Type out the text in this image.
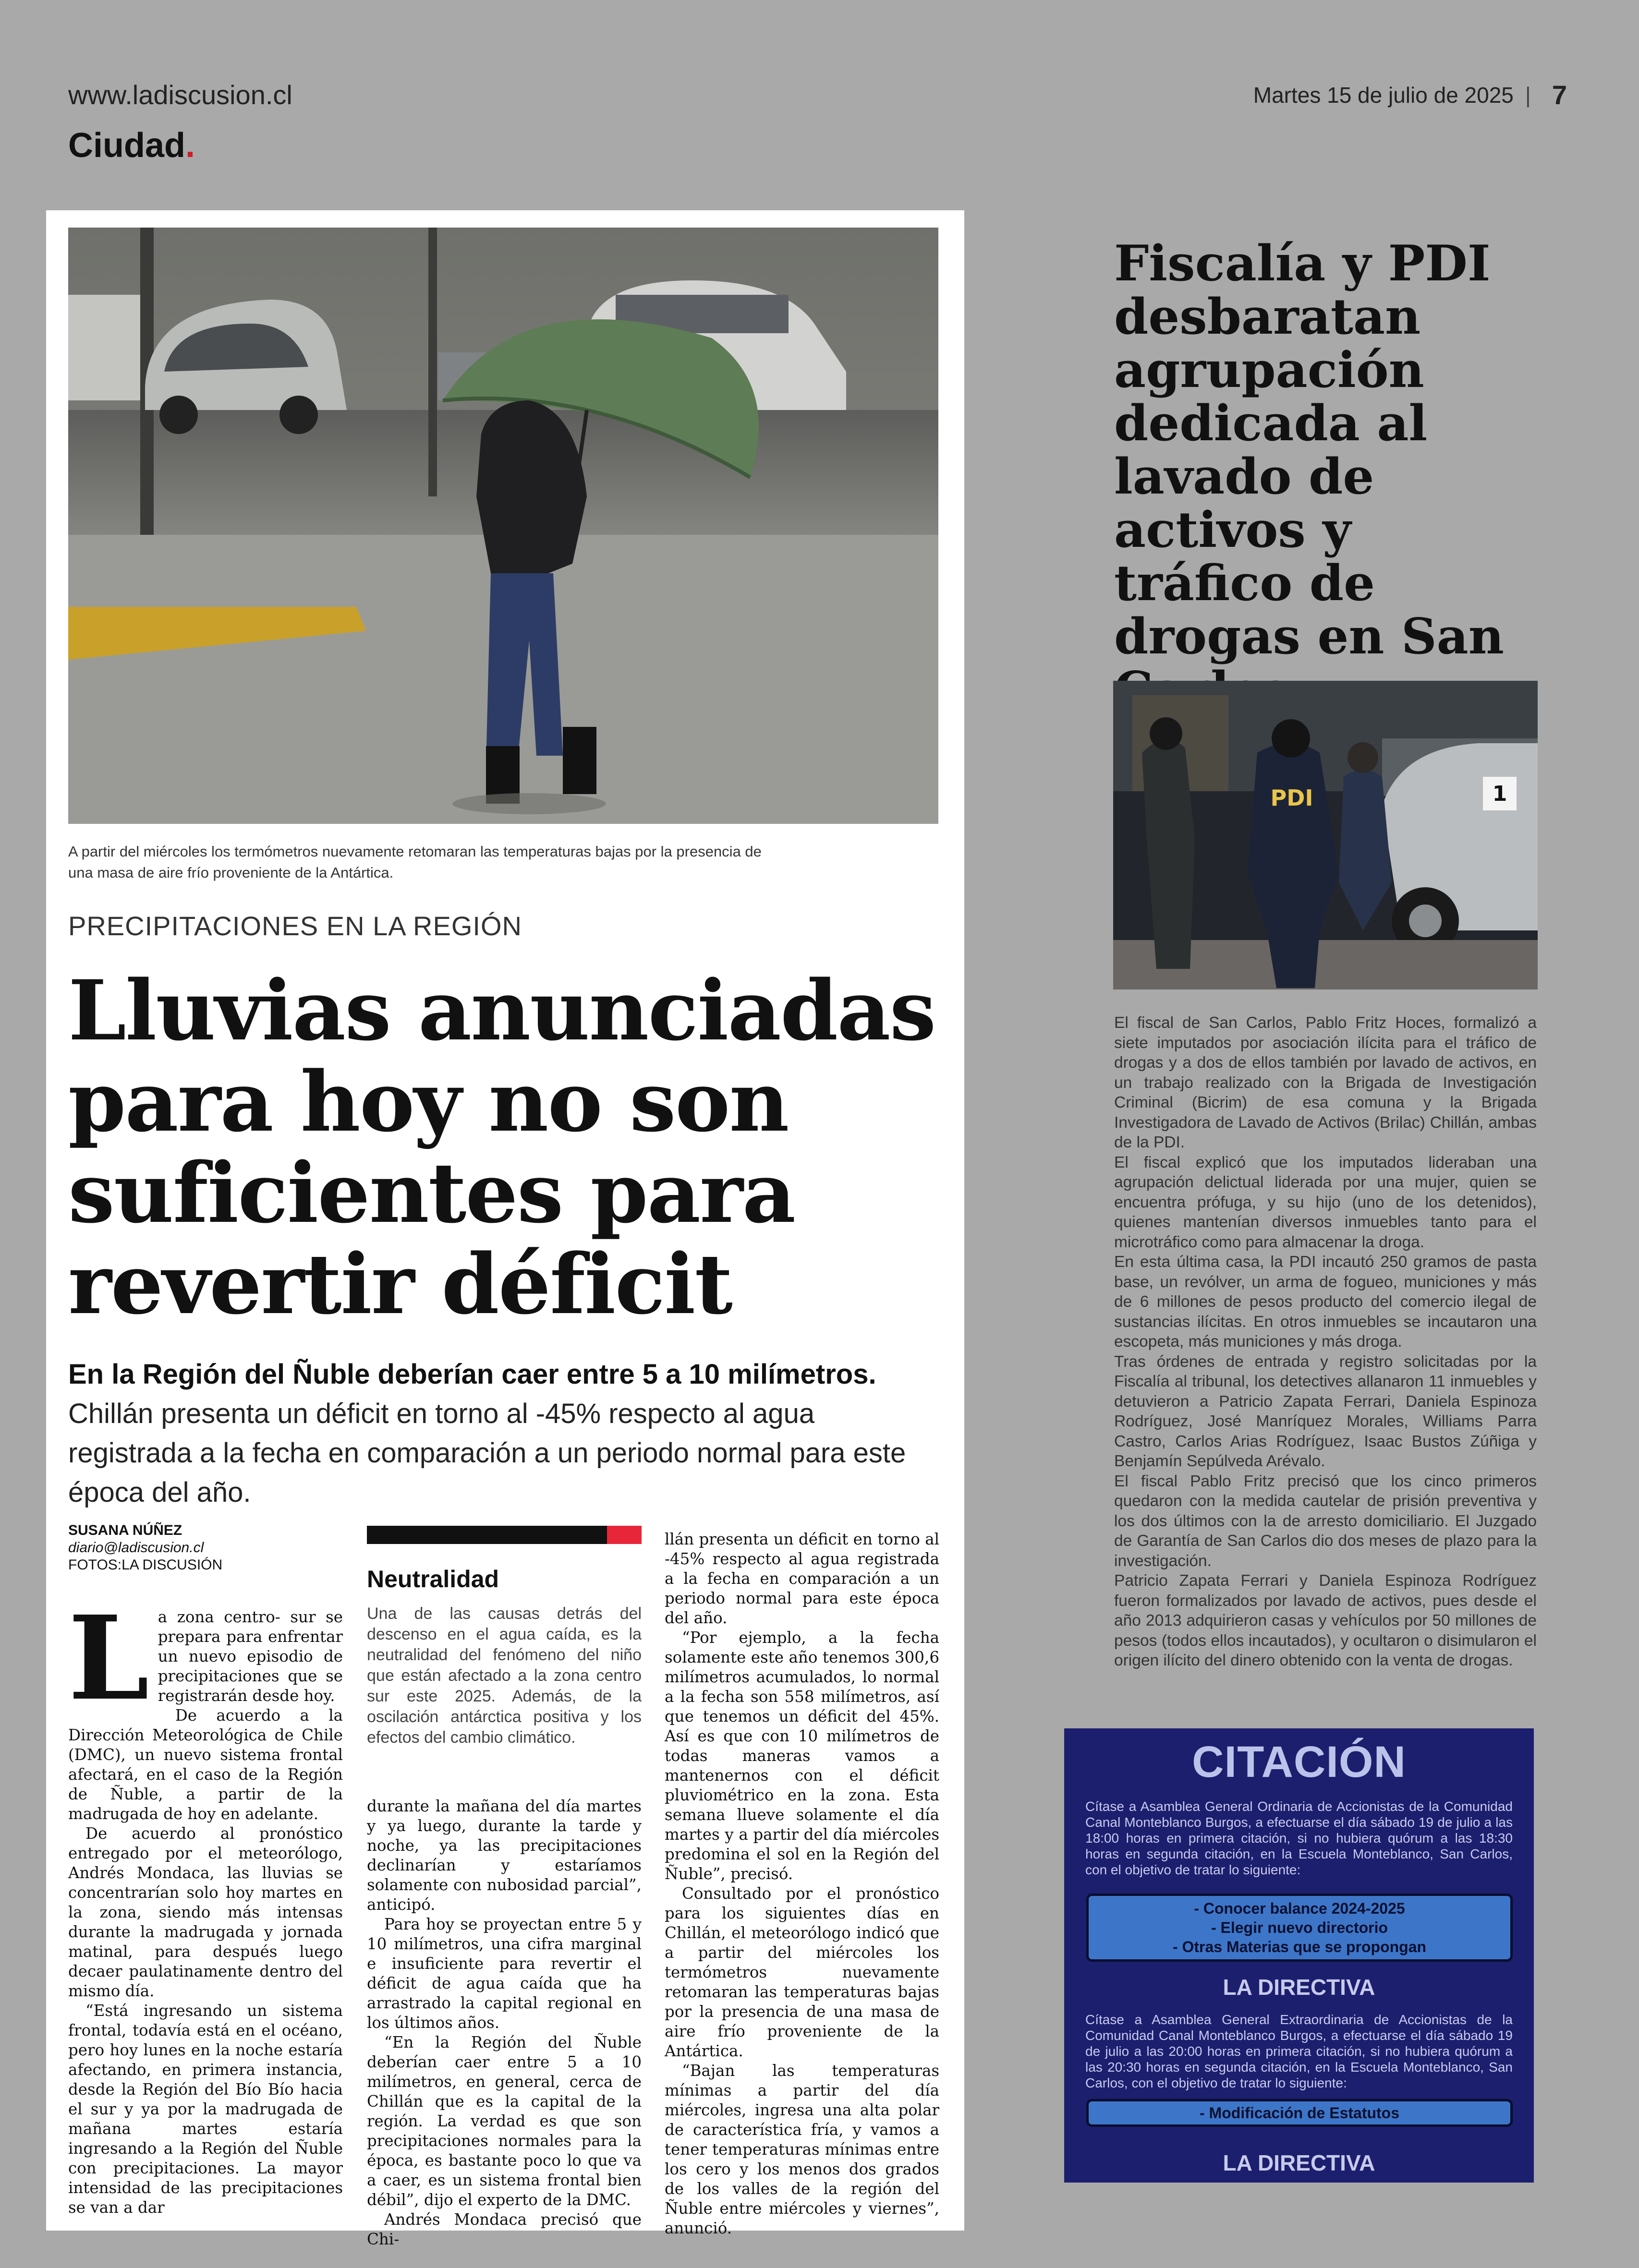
www.ladiscusion.cl
Ciudad.
Martes 15 de julio de 2025 | 7
A partir del miércoles los termómetros nuevamente retomaran las temperaturas bajas por la presencia de una masa de aire frío proveniente de la Antártica.
PRECIPITACIONES EN LA REGIÓN
Lluvias anunciadas para hoy no son suficientes para revertir déficit
En la Región del Ñuble deberían caer entre 5 a 10 milímetros. Chillán presenta un déficit en torno al -45% respecto al agua registrada a la fecha en comparación a un periodo normal para este época del año.
SUSANA NÚÑEZ
diario@ladiscusion.cl
FOTOS:LA DISCUSIÓN
L a zona centro- sur se prepara para enfrentar un nuevo episodio de precipitaciones que se registrarán desde hoy.

De acuerdo a la Dirección Meteorológica de Chile (DMC), un nuevo sistema frontal afectará, en el caso de la Región de Ñuble, a partir de la madrugada de hoy en adelante.

De acuerdo al pronóstico entregado por el meteorólogo, Andrés Mondaca, las lluvias se concentrarían solo hoy martes en la zona, siendo más intensas durante la madrugada y jornada matinal, para después luego decaer paulatinamente dentro del mismo día.

“Está ingresando un sistema frontal, todavía está en el océano, pero hoy lunes en la noche estaría afectando, en primera instancia, desde la Región del Bío Bío hacia el sur y ya por la madrugada de mañana martes estaría ingresando a la Región del Ñuble con precipitaciones. La mayor intensidad de las precipitaciones se van a dar

Neutralidad
Una de las causas detrás del descenso en el agua caída, es la neutralidad del fenómeno del niño que están afectado a la zona centro sur este 2025. Además, de la oscilación antárctica positiva y los efectos del cambio climático.

durante la mañana del día martes y ya luego, durante la tarde y noche, ya las precipitaciones declinarían y estaríamos solamente con nubosidad parcial”, anticipó.

Para hoy se proyectan entre 5 y 10 milímetros, una cifra marginal e insuficiente para revertir el déficit de agua caída que ha arrastrado la capital regional en los últimos años.

“En la Región del Ñuble deberían caer entre 5 a 10 milímetros, en general, cerca de Chillán que es la capital de la región. La verdad es que son precipitaciones normales para la época, es bastante poco lo que va a caer, es un sistema frontal bien débil”, dijo el experto de la DMC.

Andrés Mondaca precisó que Chi-

llán presenta un déficit en torno al -45% respecto al agua registrada a la fecha en comparación a un periodo normal para este época del año.

“Por ejemplo, a la fecha solamente este año tenemos 300,6 milímetros acumulados, lo normal a la fecha son 558 milímetros, así que tenemos un déficit del 45%. Así es que con 10 milímetros de todas maneras vamos a mantenernos con el déficit pluviométrico en la zona. Esta semana llueve solamente el día martes y a partir del día miércoles predomina el sol en la Región del Ñuble”, precisó.

Consultado por el pronóstico para los siguientes días en Chillán, el meteorólogo indicó que a partir del miércoles los termómetros nuevamente retomaran las temperaturas bajas por la presencia de una masa de aire frío proveniente de la Antártica.

“Bajan las temperaturas mínimas a partir del día miércoles, ingresa una alta polar de característica fría, y vamos a tener temperaturas mínimas entre los cero y los menos dos grados de los valles de la región del Ñuble entre miércoles y viernes”, anunció.

Fiscalía y PDI desbaratan agrupación dedicada al lavado de activos y tráfico de drogas en San
1
PDI

El fiscal de San Carlos, Pablo Fritz Hoces, formalizó a siete imputados por asociación ilícita para el tráfico de drogas y a dos de ellos también por lavado de activos, en un trabajo realizado con la Brigada de Investigación Criminal (Bicrim) de esa comuna y la Brigada Investigadora de Lavado de Activos (Brilac) Chillán, ambas de la PDI.

El fiscal explicó que los imputados lideraban una agrupación delictual liderada por una mujer, quien se encuentra prófuga, y su hijo (uno de los detenidos), quienes mantenían diversos inmuebles tanto para el microtráfico como para almacenar la droga.

En esta última casa, la PDI incautó 250 gramos de pasta base, un revólver, un arma de fogueo, municiones y más de 6 millones de pesos producto del comercio ilegal de sustancias ilícitas. En otros inmuebles se incautaron una escopeta, más municiones y más droga.

Tras órdenes de entrada y registro solicitadas por la Fiscalía al tribunal, los detectives allanaron 11 inmuebles y detuvieron a Patricio Zapata Ferrari, Daniela Espinoza Rodríguez, José Manríquez Morales, Williams Parra Castro, Carlos Arias Rodríguez, Isaac Bustos Zúñiga y Benjamín Sepúlveda Arévalo.

El fiscal Pablo Fritz precisó que los cinco primeros quedaron con la medida cautelar de prisión preventiva y los dos últimos con la de arresto domiciliario. El Juzgado de Garantía de San Carlos dio dos meses de plazo para la investigación.

Patricio Zapata Ferrari y Daniela Espinoza Rodríguez fueron formalizados por lavado de activos, pues desde el año 2013 adquirieron casas y vehículos por 50 millones de pesos (todos ellos incautados), y ocultaron o disimularon el origen ilícito del dinero obtenido con la venta de drogas.

CITACIÓN
Cítase a Asamblea General Ordinaria de Accionistas de la Comunidad Canal Monteblanco Burgos, a efectuarse el día sábado 19 de julio a las 18:00 horas en primera citación, si no hubiera quórum a las 18:30 horas en segunda citación, en la Escuela Monteblanco, San Carlos, con el objetivo de tratar lo siguiente:
- Conocer balance 2024-2025
- Elegir nuevo directorio
- Otras Materias que se propongan
LA DIRECTIVA
Cítase a Asamblea General Extraordinaria de Accionistas de la Comunidad Canal Monteblanco Burgos, a efectuarse el día sábado 19 de julio a las 20:00 horas en primera citación, si no hubiera quórum a las 20:30 horas en segunda citación, en la Escuela Monteblanco, San Carlos, con el objetivo de tratar lo siguiente:
- Modificación de Estatutos
LA DIRECTIVA
